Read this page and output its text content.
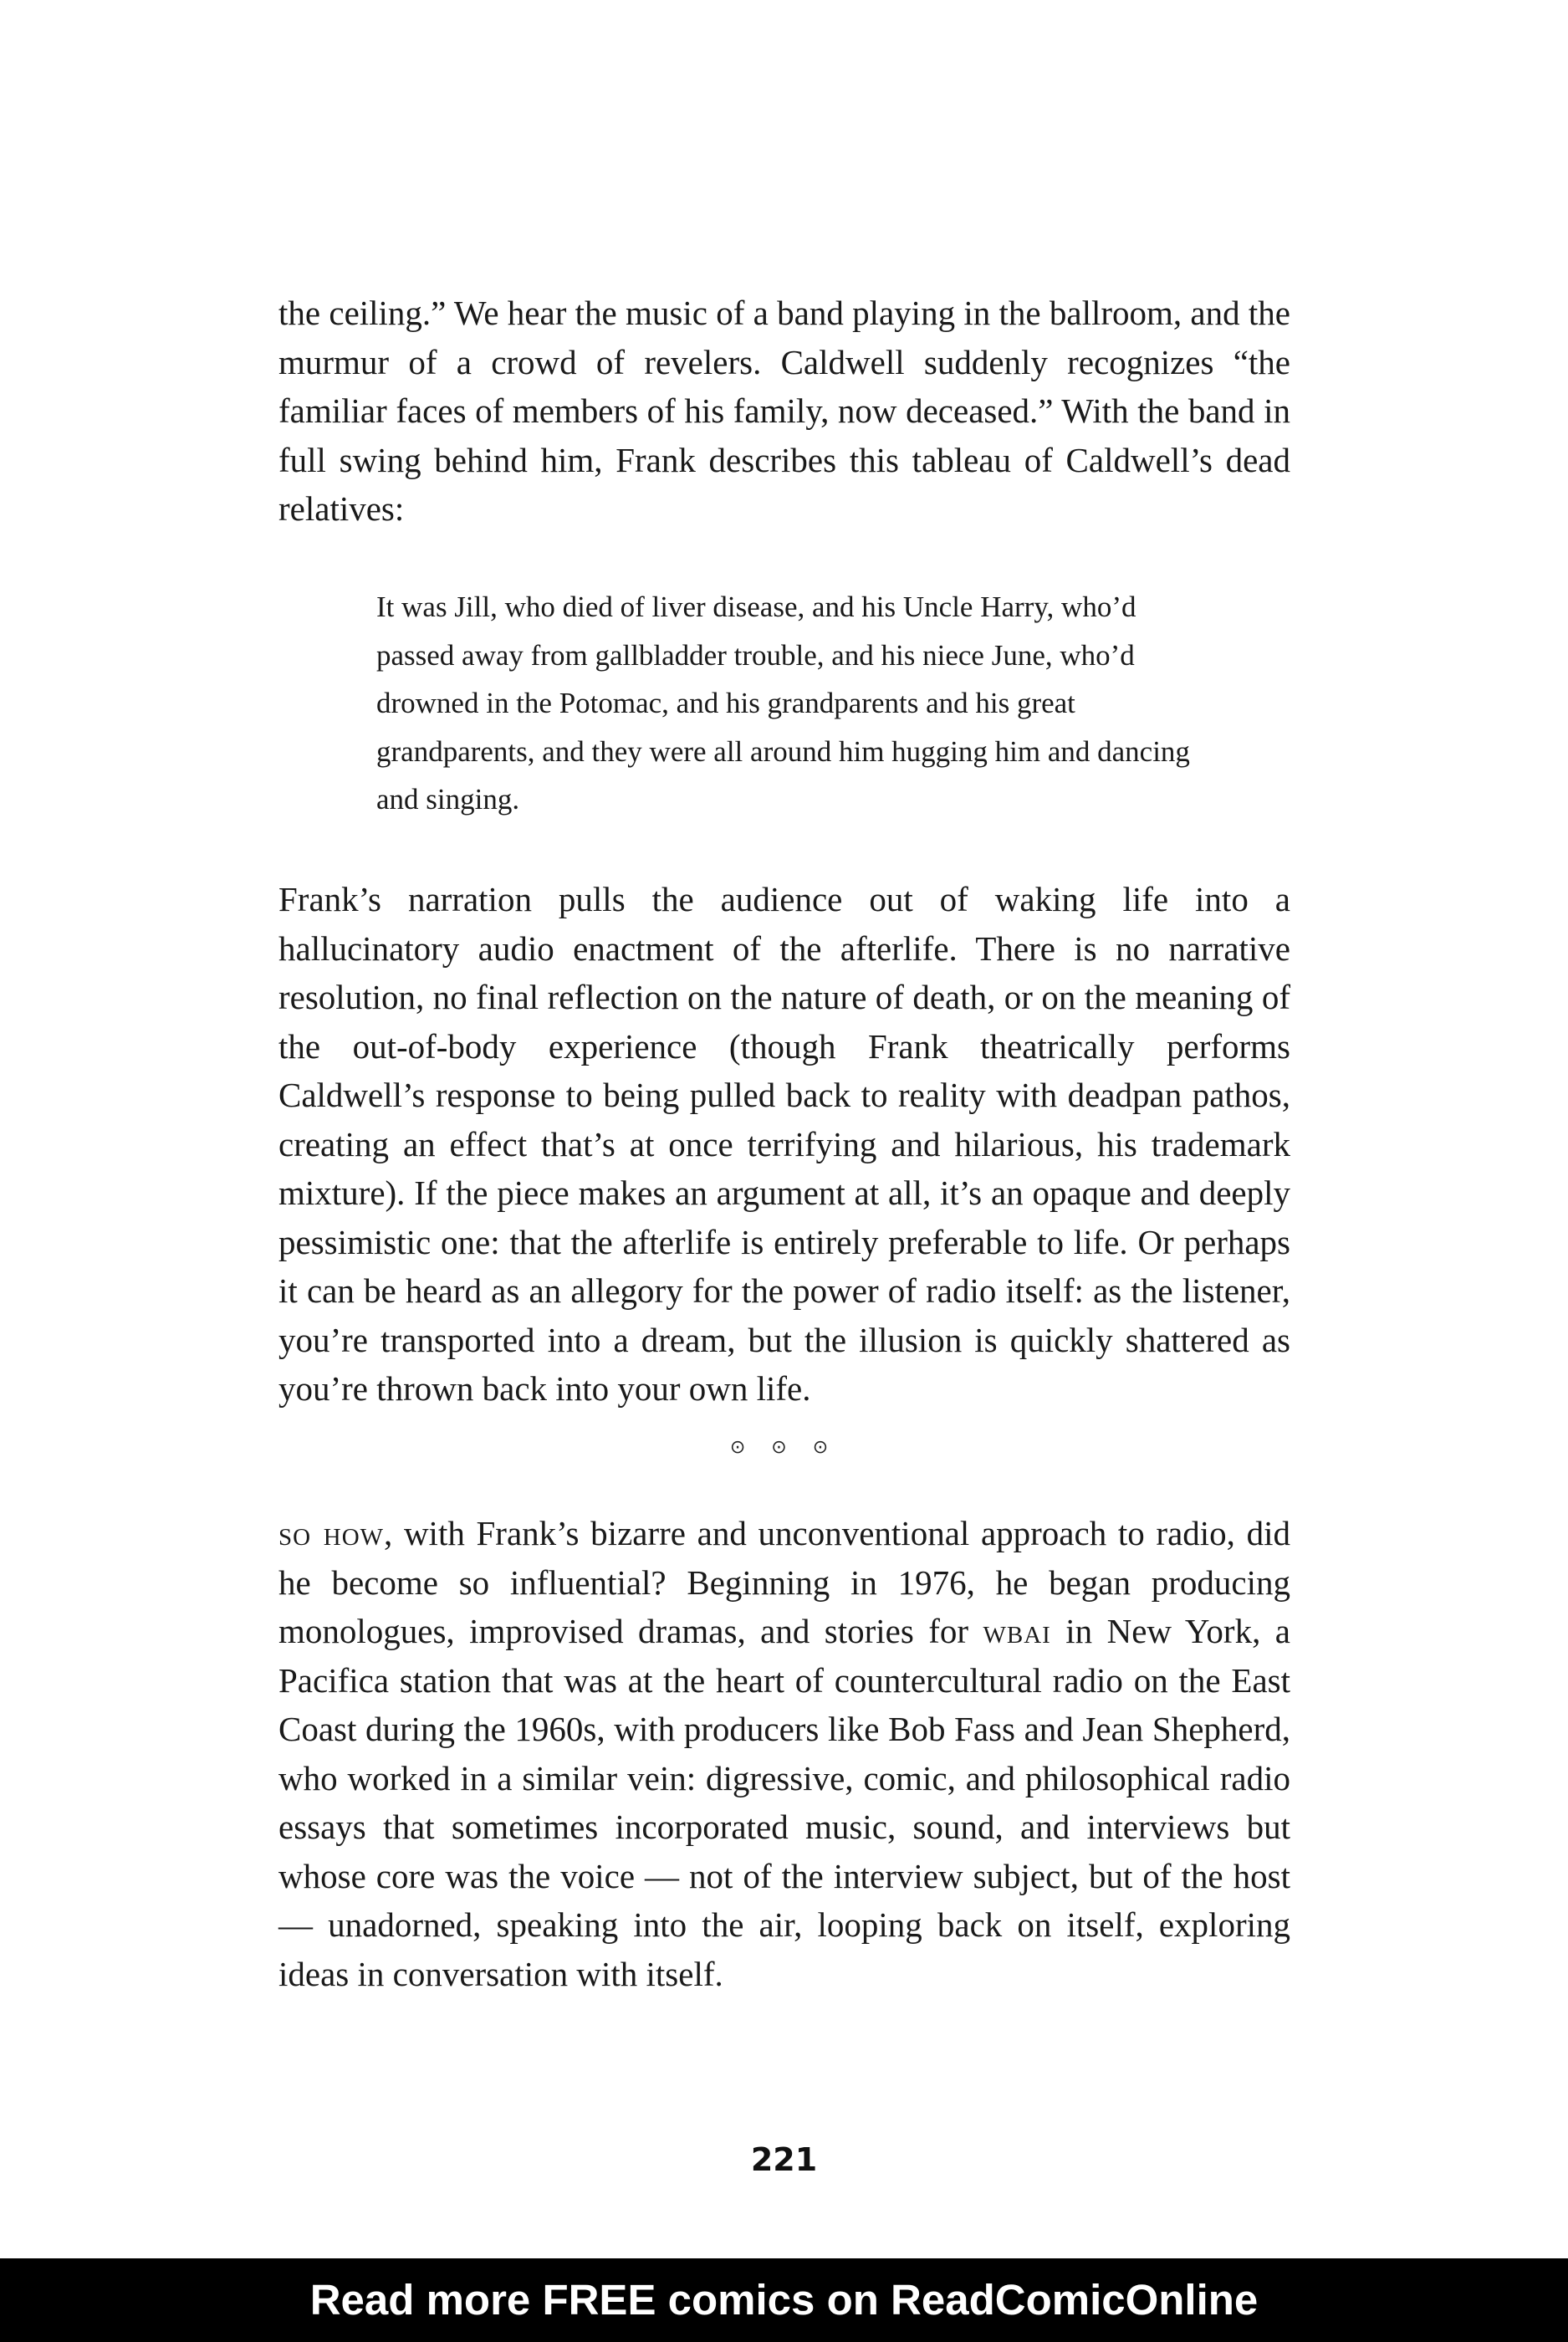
the ceiling.” We hear the music of a band playing in the ballroom, and the murmur of a crowd of revelers. Caldwell suddenly recognizes “the familiar faces of members of his family, now deceased.” With the band in full swing behind him, Frank describes this tableau of Caldwell’s dead relatives:

It was Jill, who died of liver disease, and his Uncle Harry, who’d passed away from gallbladder trouble, and his niece June, who’d drowned in the Potomac, and his grandparents and his great grandparents, and they were all around him hugging him and dancing and singing.

Frank’s narration pulls the audience out of waking life into a hallucinatory audio enactment of the afterlife. There is no narrative resolution, no final reflection on the nature of death, or on the meaning of the out-of-body experience (though Frank theatrically performs Caldwell’s response to being pulled back to reality with deadpan pathos, creating an effect that’s at once terrifying and hilarious, his trademark mixture). If the piece makes an argument at all, it’s an opaque and deeply pessimistic one: that the afterlife is entirely preferable to life. Or perhaps it can be heard as an allegory for the power of radio itself: as the listener, you’re transported into a dream, but the illusion is quickly shattered as you’re thrown back into your own life.

⊙ ⊙ ⊙

so how, with Frank’s bizarre and unconventional approach to radio, did he become so influential? Beginning in 1976, he began producing monologues, improvised dramas, and stories for wbai in New York, a Pacifica station that was at the heart of countercultural radio on the East Coast during the 1960s, with producers like Bob Fass and Jean Shepherd, who worked in a similar vein: digressive, comic, and philosophical radio essays that sometimes incorporated music, sound, and interviews but whose core was the voice — not of the interview subject, but of the host — unadorned, speaking into the air, looping back on itself, exploring ideas in conversation with itself.

221
Read more FREE comics on ReadComicOnline
